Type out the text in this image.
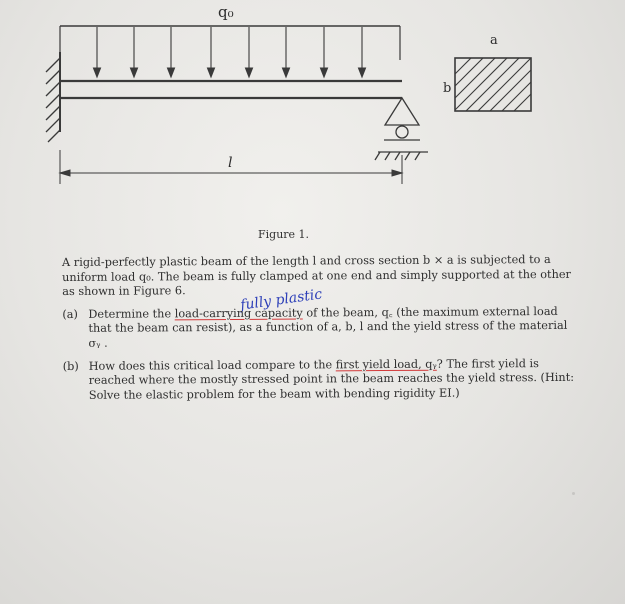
q₀
l
a
b
Figure 1.
fully plastic

A rigid-perfectly plastic beam of the length l and cross section b × a is subjected to a uniform load q₀. The beam is fully clamped at one end and simply supported at the other as shown in Figure 6.

(a) Determine the load-carrying capacity of the beam, q꜀ (the maximum external load that the beam can resist), as a function of a, b, l and the yield stress of the material σᵧ .
(b) How does this critical load compare to the first yield load, qᵧ? The first yield is reached where the mostly stressed point in the beam reaches the yield stress. (Hint: Solve the elastic problem for the beam with bending rigidity EI.)
